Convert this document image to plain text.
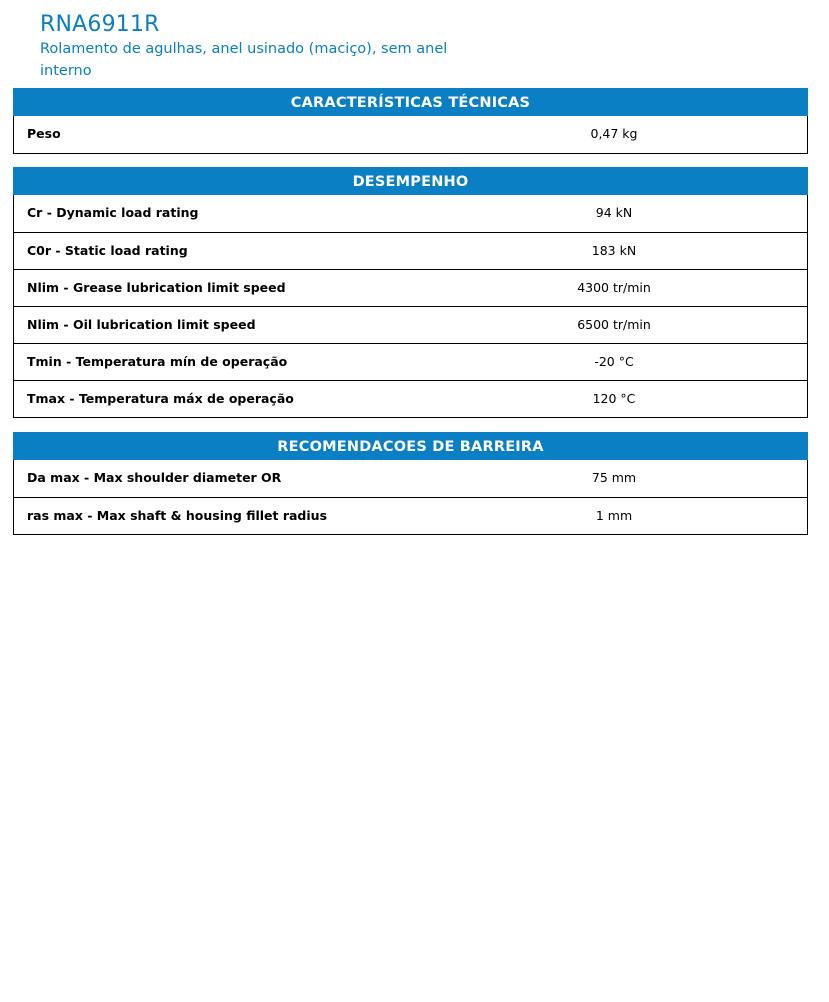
RNA6911R
Rolamento de agulhas, anel usinado (maciço), sem anel interno
CARACTERÍSTICAS TÉCNICAS
Peso	0,47 kg
DESEMPENHO
Cr - Dynamic load rating	94 kN
C0r - Static load rating	183 kN
Nlim - Grease lubrication limit speed	4300 tr/min
Nlim - Oil lubrication limit speed	6500 tr/min
Tmin - Temperatura mín de operação	-20 °C
Tmax - Temperatura máx de operação	120 °C
RECOMENDACOES DE BARREIRA
Da max - Max shoulder diameter OR	75 mm
ras max - Max shaft & housing fillet radius	1 mm
